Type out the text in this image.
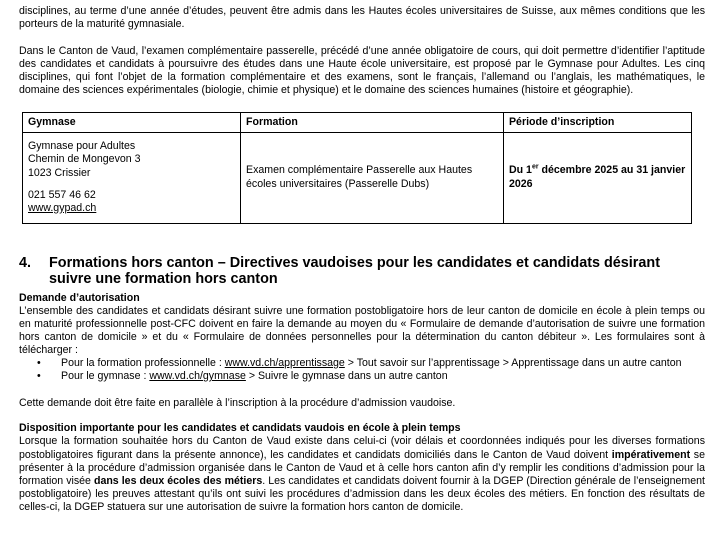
disciplines, au terme d’une année d’études, peuvent être admis dans les Hautes écoles universitaires de Suisse, aux mêmes conditions que les porteurs de la maturité gymnasiale.

Dans le Canton de Vaud, l’examen complémentaire passerelle, précédé d’une année obligatoire de cours, qui doit permettre d’identifier l’aptitude des candidates et candidats à poursuivre des études dans une Haute école universitaire, est proposé par le Gymnase pour Adultes. Les cinq disciplines, qui font l’objet de la formation complémentaire et des examens, sont le français, l’allemand ou l’anglais, les mathématiques, le domaine des sciences expérimentales (biologie, chimie et physique) et le domaine des sciences humaines (histoire et géographie).

Gymnase	Formation	Période d’inscription

Gymnase pour Adultes
Chemin de Mongevon 3
1023 Crissier
021 557 46 62
www.gypad.ch	Examen complémentaire Passerelle aux Hautes écoles universitaires (Passerelle Dubs)	Du 1er décembre 2025 au 31 janvier 2026
4.	Formations hors canton – Directives vaudoises pour les candidates et candidats désirant suivre une formation hors canton
Demande d’autorisation

L’ensemble des candidates et candidats désirant suivre une formation postobligatoire hors de leur canton de domicile en école à plein temps ou en maturité professionnelle post-CFC doivent en faire la demande au moyen du « Formulaire de demande d’autorisation de suivre une formation hors canton de domicile » et du « Formulaire de données personnelles pour la détermination du canton débiteur ». Les formulaires sont à télécharger :

•	Pour la formation professionnelle : www.vd.ch/apprentissage > Tout savoir sur l’apprentissage > Apprentissage dans un autre canton
•	Pour le gymnase : www.vd.ch/gymnase > Suivre le gymnase dans un autre canton

Cette demande doit être faite en parallèle à l’inscription à la procédure d’admission vaudoise.

Disposition importante pour les candidates et candidats vaudois en école à plein temps

Lorsque la formation souhaitée hors du Canton de Vaud existe dans celui-ci (voir délais et coordonnées indiqués pour les diverses formations postobligatoires figurant dans la présente annonce), les candidates et candidats domiciliés dans le Canton de Vaud doivent impérativement se présenter à la procédure d’admission organisée dans le Canton de Vaud et à celle hors canton afin d’y remplir les conditions d’admission pour la formation visée dans les deux écoles des métiers. Les candidates et candidats doivent fournir à la DGEP (Direction générale de l’enseignement postobligatoire) les preuves attestant qu’ils ont suivi les procédures d’admission dans les deux écoles des métiers. En fonction des résultats de celles-ci, la DGEP statuera sur une autorisation de suivre la formation hors canton de domicile.
